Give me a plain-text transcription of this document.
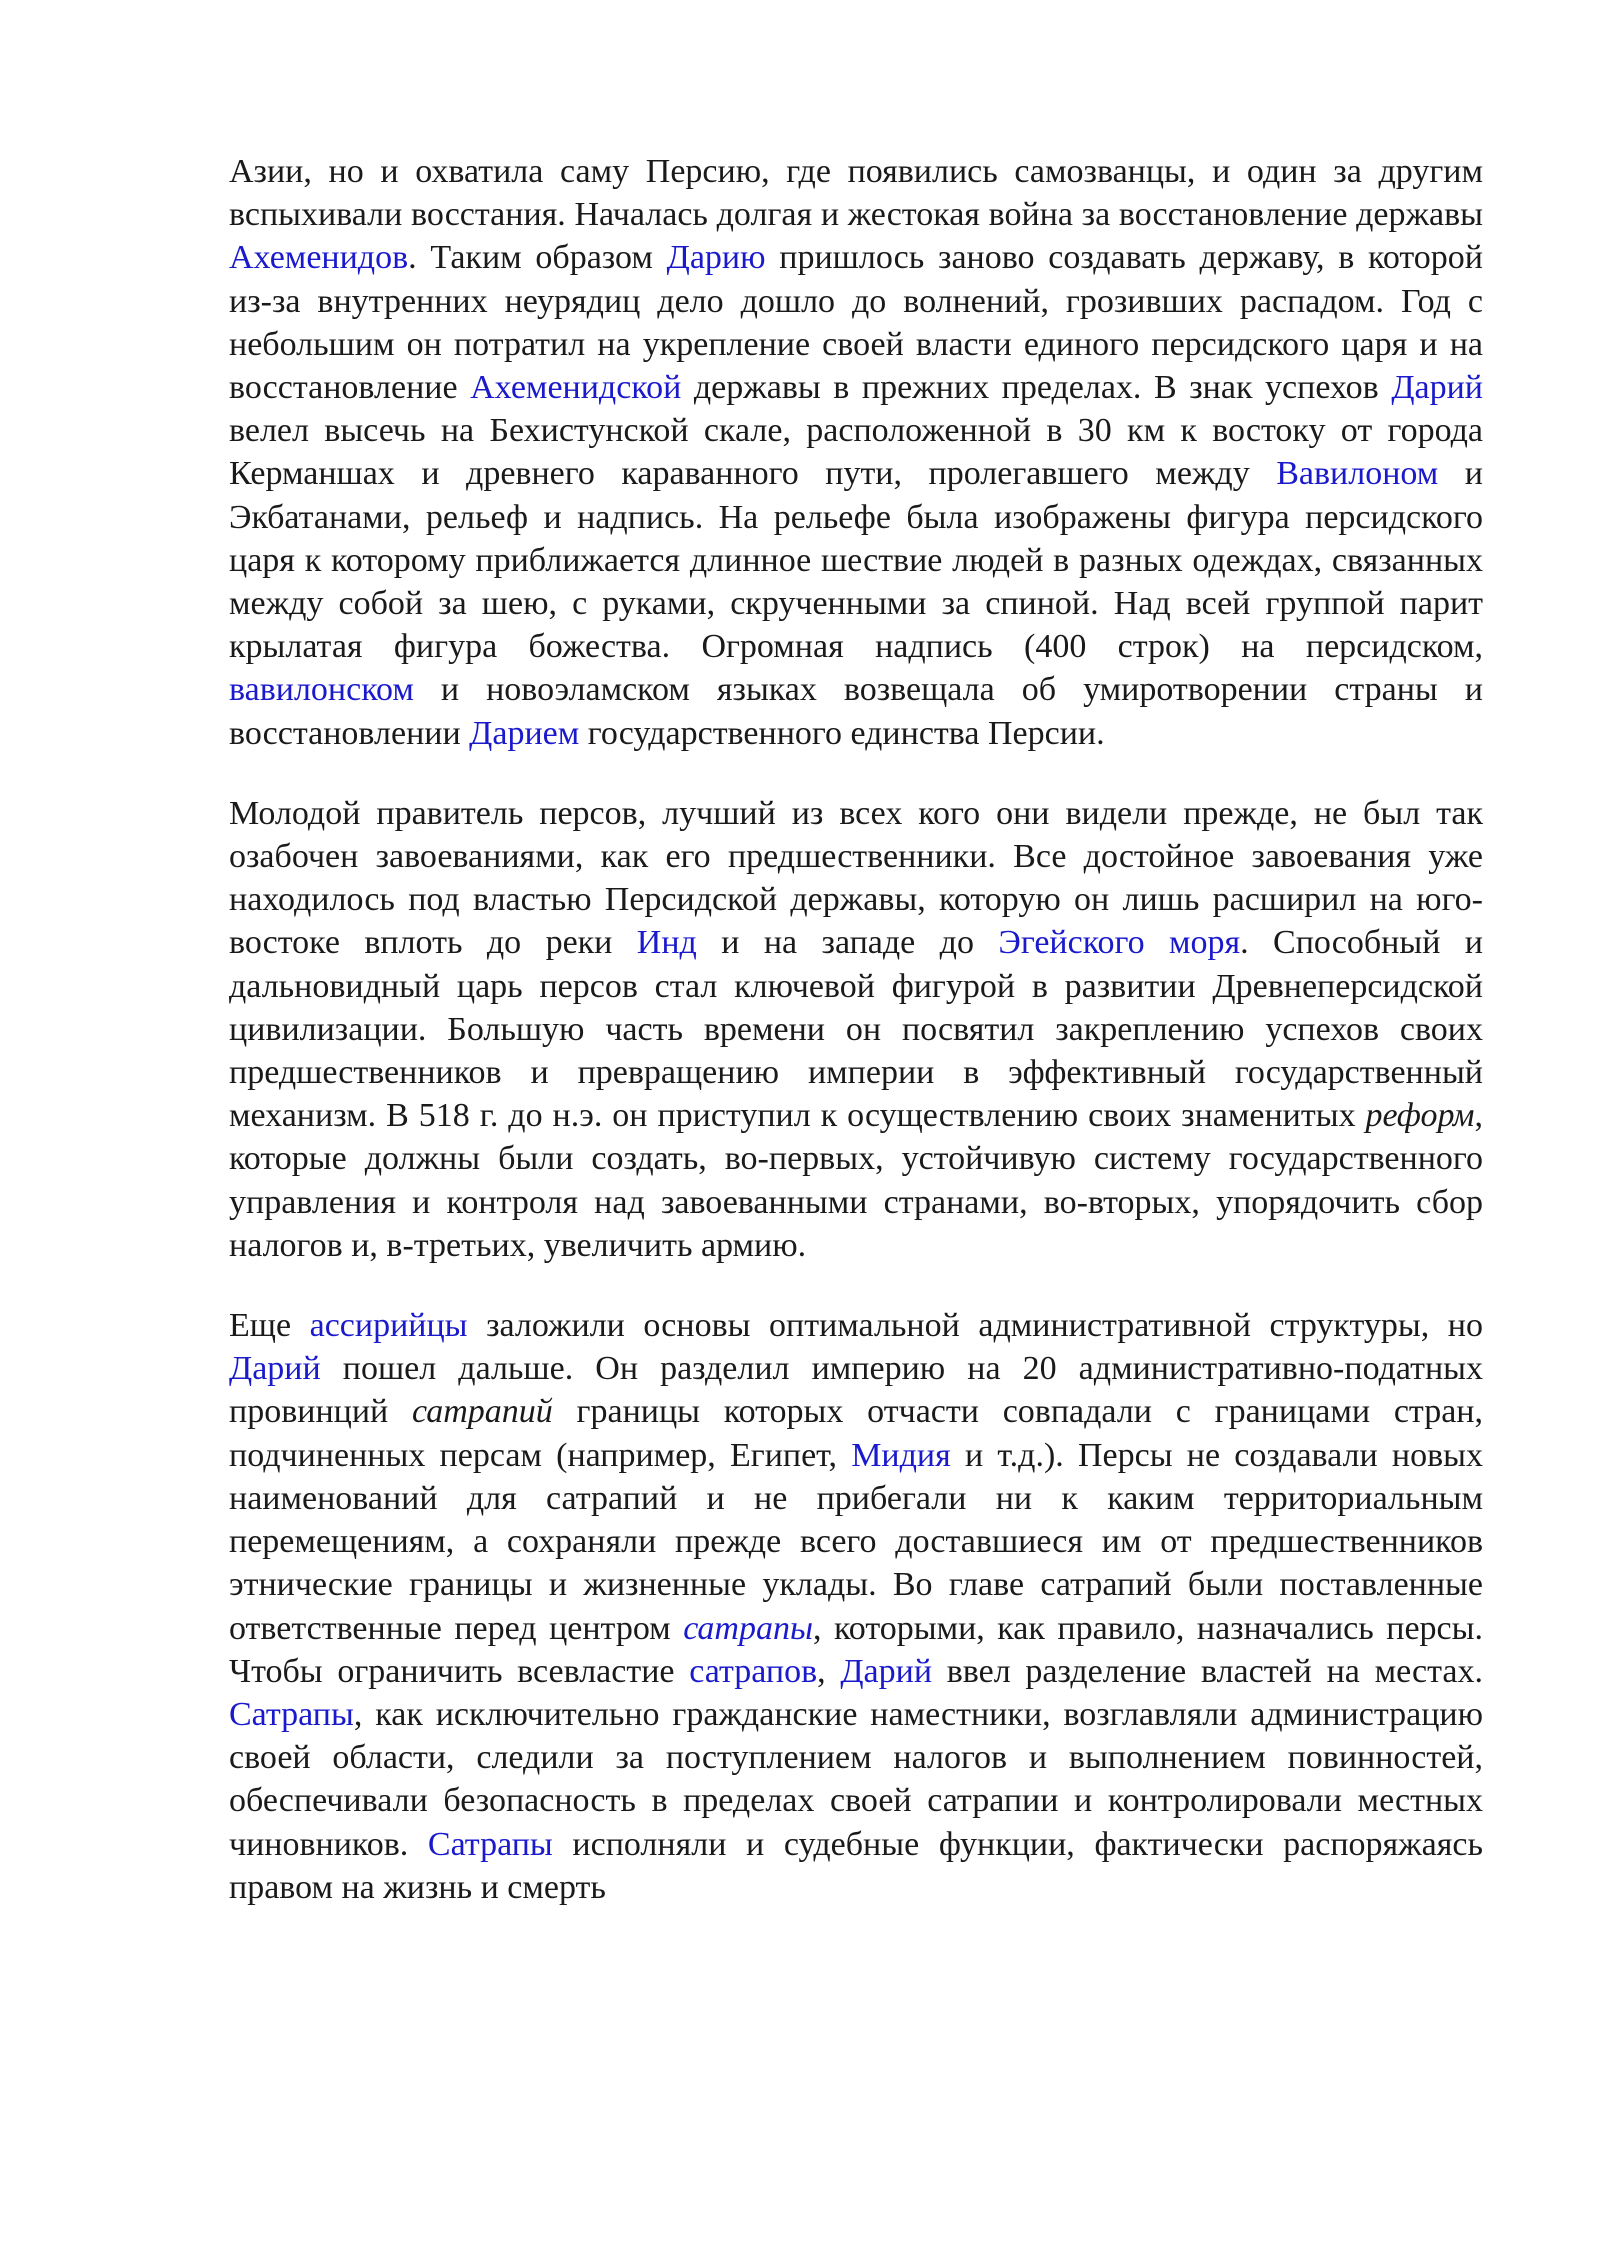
Азии, но и охватила саму Персию, где появились самозванцы, и один за другим вспыхивали восстания. Началась долгая и жестокая война за восстановление державы Ахеменидов. Таким образом Дарию пришлось заново создавать державу, в которой из-за внутренних неурядиц дело дошло до волнений, грозивших распадом. Год с небольшим он потратил на укрепление своей власти единого персидского царя и на восстановление Ахеменидской державы в прежних пределах. В знак успехов Дарий велел высечь на Бехистунской скале, расположенной в 30 км к востоку от города Керманшах и древнего караванного пути, пролегавшего между Вавилоном и Экбатанами, рельеф и надпись. На рельефе была изображены фигура персидского царя к которому приближается длинное шествие людей в разных одеждах, связанных между собой за шею, с руками, скрученными за спиной. Над всей группой парит крылатая фигура божества. Огромная надпись (400 строк) на персидском, вавилонском и новоэламском языках возвещала об умиротворении страны и восстановлении Дарием государственного единства Персии.

Молодой правитель персов, лучший из всех кого они видели прежде, не был так озабочен завоеваниями, как его предшественники. Все достойное завоевания уже находилось под властью Персидской державы, которую он лишь расширил на юго-востоке вплоть до реки Инд и на западе до Эгейского моря. Способный и дальновидный царь персов стал ключевой фигурой в развитии Древнеперсидской цивилизации. Большую часть времени он посвятил закреплению успехов своих предшественников и превращению империи в эффективный государственный механизм. В 518 г. до н.э. он приступил к осуществлению своих знаменитых реформ, которые должны были создать, во-первых, устойчивую систему государственного управления и контроля над завоеванными странами, во-вторых, упорядочить сбор налогов и, в-третьих, увеличить армию.

Еще ассирийцы заложили основы оптимальной административной структуры, но Дарий пошел дальше. Он разделил империю на 20 административно-податных провинций сатрапий границы которых отчасти совпадали с границами стран, подчиненных персам (например, Египет, Мидия и т.д.). Персы не создавали новых наименований для сатрапий и не прибегали ни к каким территориальным перемещениям, а сохраняли прежде всего доставшиеся им от предшественников этнические границы и жизненные уклады. Во главе сатрапий были поставленные ответственные перед центром сатрапы, которыми, как правило, назначались персы. Чтобы ограничить всевластие сатрапов, Дарий ввел разделение властей на местах. Сатрапы, как исключительно гражданские наместники, возглавляли администрацию своей области, следили за поступлением налогов и выполнением повинностей, обеспечивали безопасность в пределах своей сатрапии и контролировали местных чиновников. Сатрапы исполняли и судебные функции, фактически распоряжаясь правом на жизнь и смерть
